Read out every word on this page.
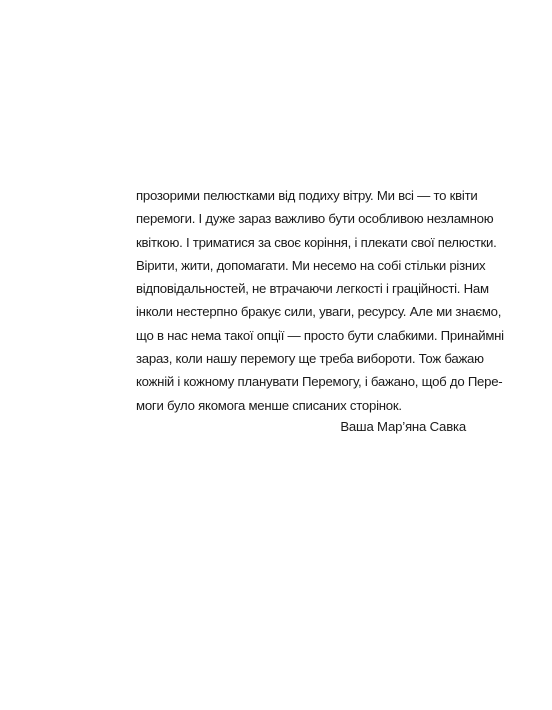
прозорими пелюстками від подиху вітру. Ми всі — то квіти
перемоги. І дуже зараз важливо бути особливою незламною
квіткою. І триматися за своє коріння, і плекати свої пелюстки.
Вірити, жити, допомагати. Ми несемо на собі стільки різних
відповідальностей, не втрачаючи легкості і грацiйності. Нам
інколи нестерпно бракує сили, уваги, ресурсу. Але ми знаємо,
що в нас нема такої опції — просто бути слабкими. Принаймні
зараз, коли нашу перемогу ще треба вибороти. Тож бажаю
кожній і кожному планувати Перемогу, і бажано, щоб до Пере-
моги було якомога менше списаних сторінок.
Ваша Мар’яна Савка
